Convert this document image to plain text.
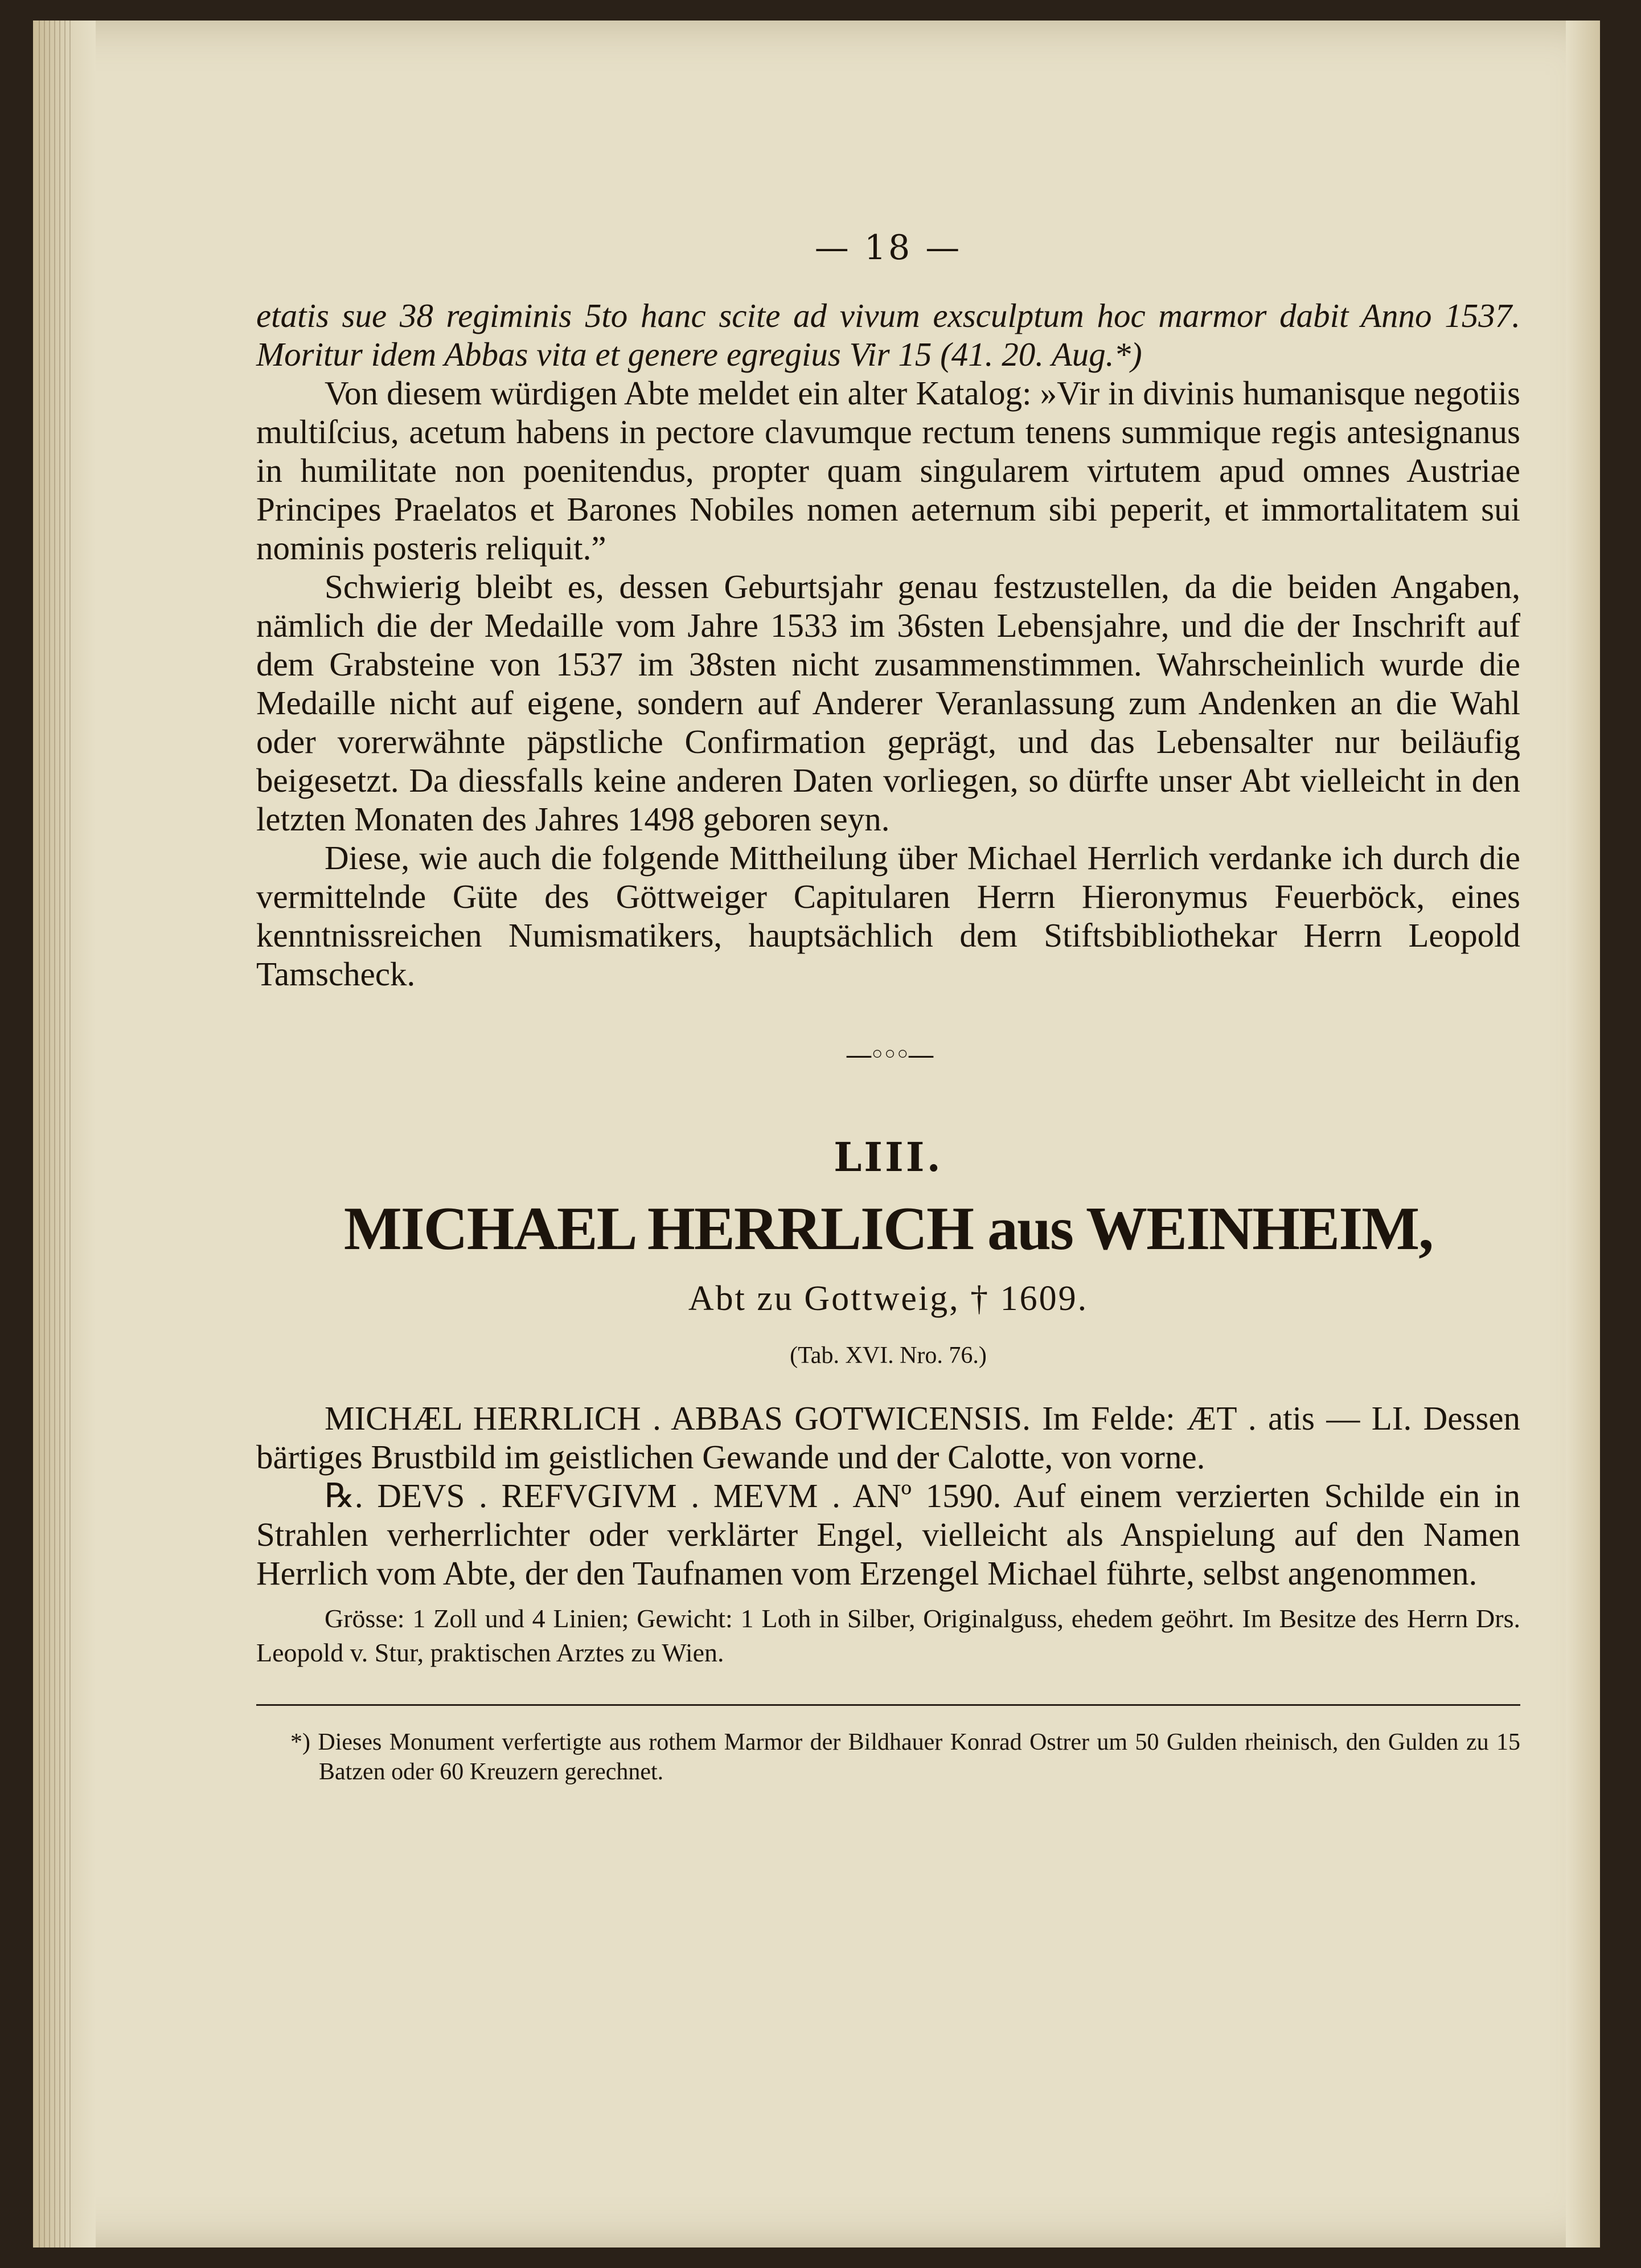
— 18 —

etatis sue 38 regiminis 5to hanc scite ad vivum exsculptum hoc marmor dabit Anno 1537. Moritur idem Abbas vita et genere egregius Vir 15 (41. 20. Aug.*)

Von diesem würdigen Abte meldet ein alter Katalog: »Vir in divinis humanisque negotiis multiſcius, acetum habens in pectore clavumque rectum tenens summique regis antesignanus in humilitate non poenitendus, propter quam singularem virtutem apud omnes Austriae Principes Praelatos et Barones Nobiles nomen aeternum sibi peperit, et immortalitatem sui nominis posteris reliquit.”

Schwierig bleibt es, dessen Geburtsjahr genau festzustellen, da die beiden Angaben, nämlich die der Medaille vom Jahre 1533 im 36sten Lebensjahre, und die der Inschrift auf dem Grabsteine von 1537 im 38sten nicht zusammenstimmen. Wahrscheinlich wurde die Medaille nicht auf eigene, sondern auf Anderer Veranlassung zum Andenken an die Wahl oder vorerwähnte päpstliche Confirmation geprägt, und das Lebensalter nur beiläufig beigesetzt. Da diessfalls keine anderen Daten vorliegen, so dürfte unser Abt vielleicht in den letzten Monaten des Jahres 1498 geboren seyn.

Diese, wie auch die folgende Mittheilung über Michael Herrlich verdanke ich durch die vermittelnde Güte des Göttweiger Capitularen Herrn Hieronymus Feuerböck, eines kenntnissreichen Numismatikers, hauptsächlich dem Stiftsbibliothekar Herrn Leopold Tamscheck.

—◦◦◦—
LIII.
MICHAEL HERRLICH aus WEINHEIM,
Abt zu Gottweig, † 1609.
(Tab. XVI. Nro. 76.)

MICHÆL HERRLICH . ABBAS GOTWICENSIS. Im Felde: ÆT . atis — LI. Dessen bärtiges Brustbild im geistlichen Gewande und der Calotte, von vorne.

℞. DEVS . REFVGIVM . MEVM . ANº 1590. Auf einem verzierten Schilde ein in Strahlen verherrlichter oder verklärter Engel, vielleicht als Anspielung auf den Namen Herrlich vom Abte, der den Taufnamen vom Erzengel Michael führte, selbst angenommen.

Grösse: 1 Zoll und 4 Linien; Gewicht: 1 Loth in Silber, Originalguss, ehedem geöhrt. Im Besitze des Herrn Drs. Leopold v. Stur, praktischen Arztes zu Wien.

*) Dieses Monument verfertigte aus rothem Marmor der Bildhauer Konrad Ostrer um 50 Gulden rheinisch, den Gulden zu 15 Batzen oder 60 Kreuzern gerechnet.
